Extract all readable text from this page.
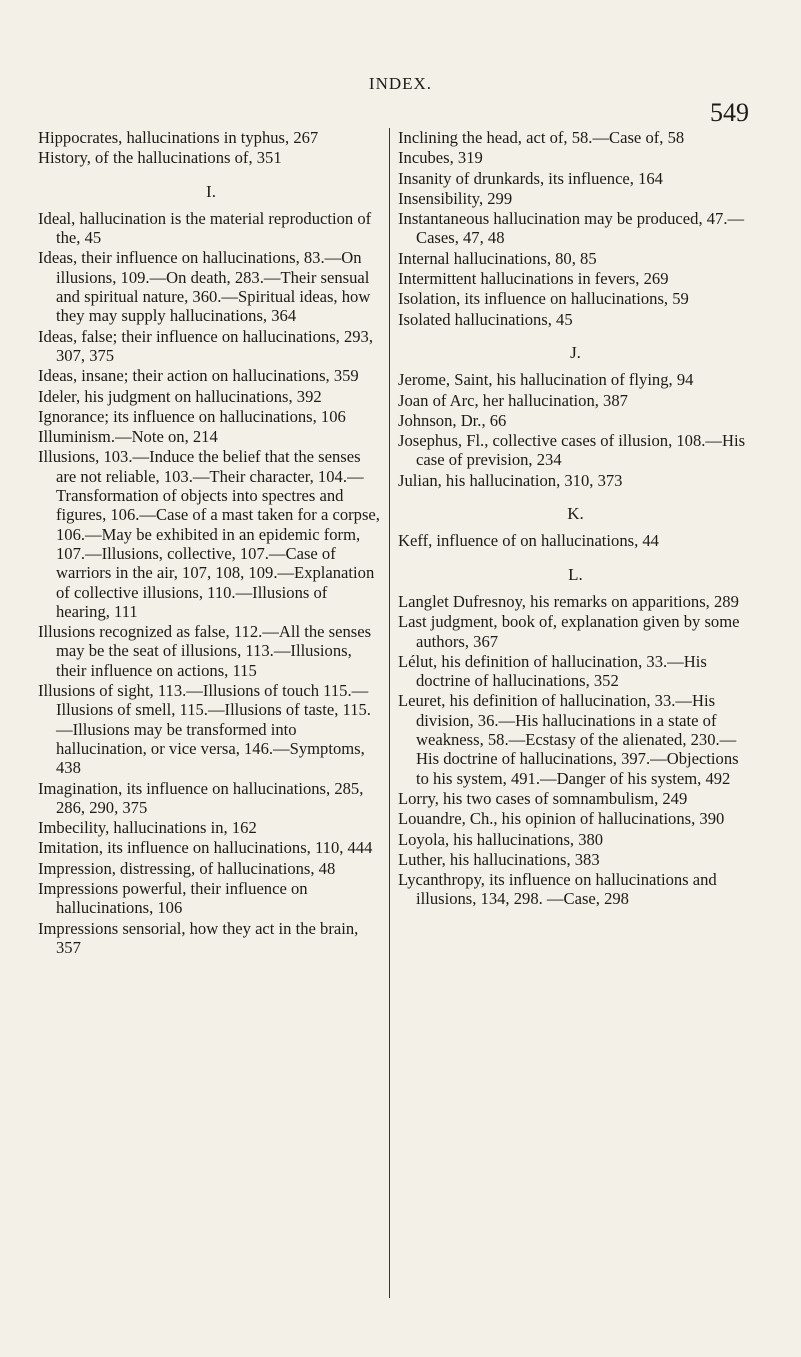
INDEX.
549
Hippocrates, hallucinations in typhus, 267
History, of the hallucinations of, 351
I.
Ideal, hallucination is the material reproduction of the, 45
Ideas, their influence on hallucinations, 83.—On illusions, 109.—On death, 283.—Their sensual and spiritual nature, 360.—Spiritual ideas, how they may supply hallucinations, 364
Ideas, false; their influence on hallucinations, 293, 307, 375
Ideas, insane; their action on hallucinations, 359
Ideler, his judgment on hallucinations, 392
Ignorance; its influence on hallucinations, 106
Illuminism.—Note on, 214
Illusions, 103.—Induce the belief that the senses are not reliable, 103.—Their character, 104.—Transformation of objects into spectres and figures, 106.—Case of a mast taken for a corpse, 106.—May be exhibited in an epidemic form, 107.—Illusions, collective, 107.—Case of warriors in the air, 107, 108, 109.—Explanation of collective illusions, 110.—Illusions of hearing, 111
Illusions recognized as false, 112.—All the senses may be the seat of illusions, 113.—Illusions, their influence on actions, 115
Illusions of sight, 113.—Illusions of touch 115.—Illusions of smell, 115.—Illusions of taste, 115.—Illusions may be transformed into hallucination, or vice versa, 146.—Symptoms, 438
Imagination, its influence on hallucinations, 285, 286, 290, 375
Imbecility, hallucinations in, 162
Imitation, its influence on hallucinations, 110, 444
Impression, distressing, of hallucinations, 48
Impressions powerful, their influence on hallucinations, 106
Impressions sensorial, how they act in the brain, 357
Inclining the head, act of, 58.—Case of, 58
Incubes, 319
Insanity of drunkards, its influence, 164
Insensibility, 299
Instantaneous hallucination may be produced, 47.—Cases, 47, 48
Internal hallucinations, 80, 85
Intermittent hallucinations in fevers, 269
Isolation, its influence on hallucinations, 59
Isolated hallucinations, 45
J.
Jerome, Saint, his hallucination of flying, 94
Joan of Arc, her hallucination, 387
Johnson, Dr., 66
Josephus, Fl., collective cases of illusion, 108.—His case of prevision, 234
Julian, his hallucination, 310, 373
K.
Keff, influence of on hallucinations, 44
L.
Langlet Dufresnoy, his remarks on apparitions, 289
Last judgment, book of, explanation given by some authors, 367
Lélut, his definition of hallucination, 33.—His doctrine of hallucinations, 352
Leuret, his definition of hallucination, 33.—His division, 36.—His hallucinations in a state of weakness, 58.—Ecstasy of the alienated, 230.—His doctrine of hallucinations, 397.—Objections to his system, 491.—Danger of his system, 492
Lorry, his two cases of somnambulism, 249
Louandre, Ch., his opinion of hallucinations, 390
Loyola, his hallucinations, 380
Luther, his hallucinations, 383
Lycanthropy, its influence on hallucinations and illusions, 134, 298. —Case, 298
